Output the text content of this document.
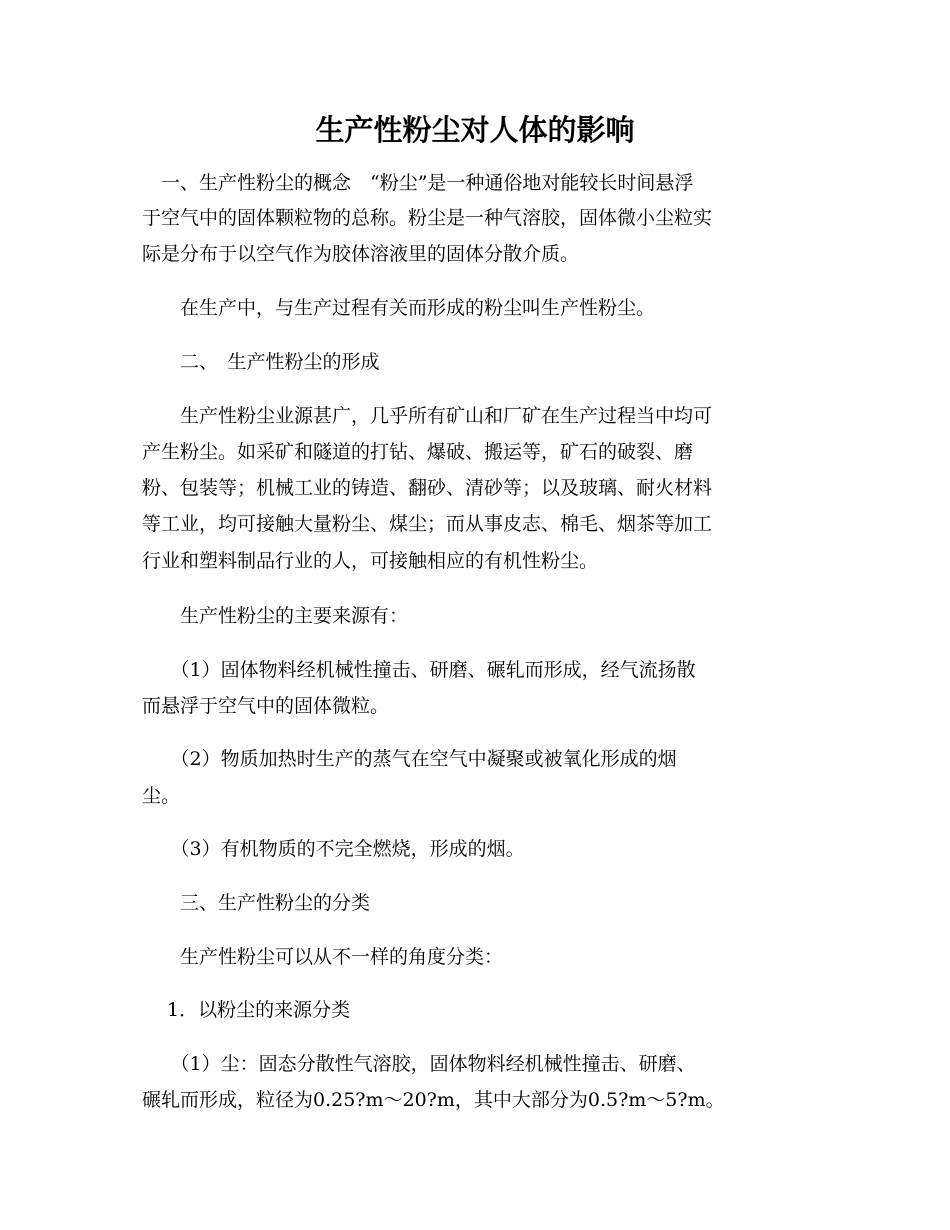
生产性粉尘对人体的影响

　一、生产性粉尘的概念　“粉尘”是一种通俗地对能较长时间悬浮

于空气中的固体颗粒物的总称。粉尘是一种气溶胶，固体微小尘粒实

际是分布于以空气作为胶体溶液里的固体分散介质。

　　在生产中，与生产过程有关而形成的粉尘叫生产性粉尘。

　　二、　生产性粉尘的形成

　　生产性粉尘业源甚广，几乎所有矿山和厂矿在生产过程当中均可

产生粉尘。如采矿和隧道的打钻、爆破、搬运等，矿石的破裂、磨

粉、包装等；机械工业的铸造、翻砂、清砂等；以及玻璃、耐火材料

等工业，均可接触大量粉尘、煤尘；而从事皮志、棉毛、烟茶等加工

行业和塑料制品行业的人，可接触相应的有机性粉尘。

　　生产性粉尘的主要来源有：

　　（1）固体物料经机械性撞击、研磨、碾轧而形成，经气流扬散

而悬浮于空气中的固体微粒。

　　（2）物质加热时生产的蒸气在空气中凝聚或被氧化形成的烟

尘。

　　（3）有机物质的不完全燃烧，形成的烟。

　　三、生产性粉尘的分类

　　生产性粉尘可以从不一样的角度分类：

　 1．以粉尘的来源分类

　　（1）尘：固态分散性气溶胶，固体物料经机械性撞击、研磨、

碾轧而形成，粒径为0.25?m～20?m，其中大部分为0.5?m～5?m。
